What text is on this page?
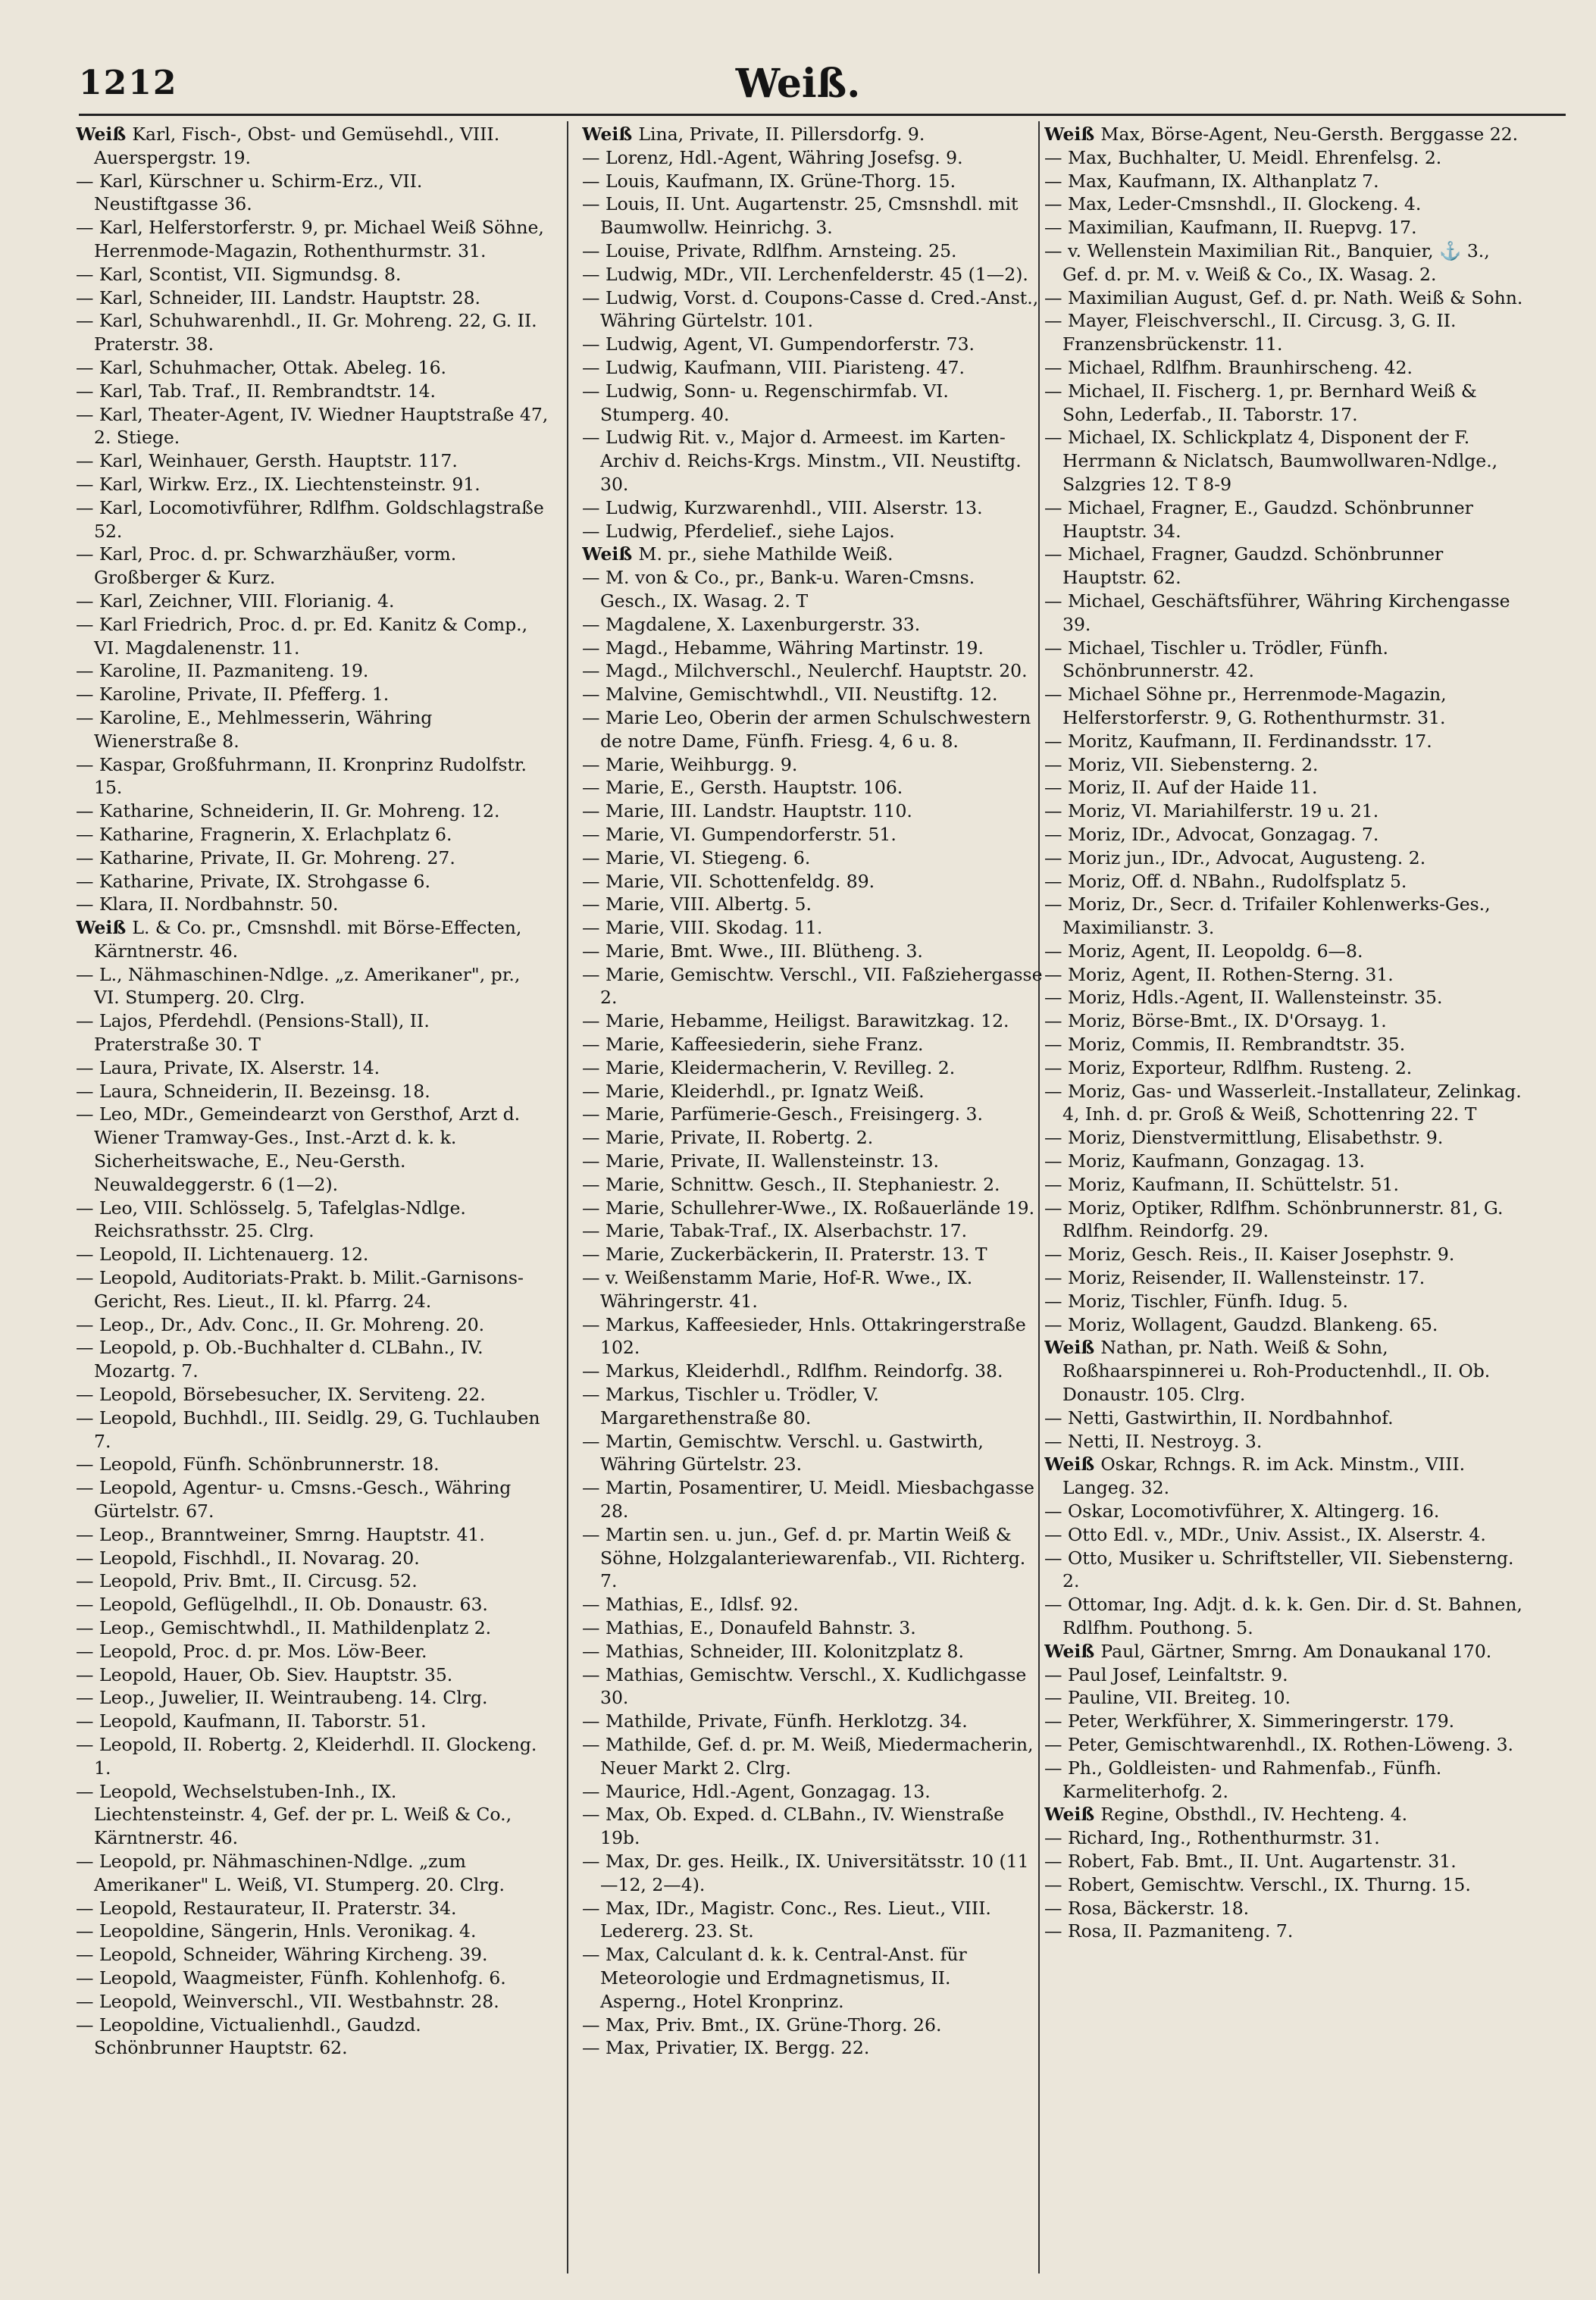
1212	Weiß.
Weiß Karl, Fisch-, Obst- und Gemüsehdl., VIII. Auerspergstr. 19.
— Karl, Kürschner u. Schirm-Erz., VII. Neustiftgasse 36.
— Karl, Helferstorferstr. 9, pr. Michael Weiß Söhne, Herrenmode-Magazin, Rothenthurmstr. 31.
— Karl, Scontist, VII. Sigmundsg. 8.
— Karl, Schneider, III. Landstr. Hauptstr. 28.
— Karl, Schuhwarenhdl., II. Gr. Mohreng. 22, G. II. Praterstr. 38.
— Karl, Schuhmacher, Ottak. Abeleg. 16.
— Karl, Tab. Traf., II. Rembrandtstr. 14.
— Karl, Theater-Agent, IV. Wiedner Hauptstraße 47, 2. Stiege.
— Karl, Weinhauer, Gersth. Hauptstr. 117.
— Karl, Wirkw. Erz., IX. Liechtensteinstr. 91.
— Karl, Locomotivführer, Rdlfhm. Goldschlagstraße 52.
— Karl, Proc. d. pr. Schwarzhäußer, vorm. Großberger & Kurz.
— Karl, Zeichner, VIII. Florianig. 4.
— Karl Friedrich, Proc. d. pr. Ed. Kanitz & Comp., VI. Magdalenenstr. 11.
— Karoline, II. Pazmaniteng. 19.
— Karoline, Private, II. Pfefferg. 1.
— Karoline, E., Mehlmesserin, Währing Wienerstraße 8.
— Kaspar, Großfuhrmann, II. Kronprinz Rudolfstr. 15.
— Katharine, Schneiderin, II. Gr. Mohreng. 12.
— Katharine, Fragnerin, X. Erlachplatz 6.
— Katharine, Private, II. Gr. Mohreng. 27.
— Katharine, Private, IX. Strohgasse 6.
— Klara, II. Nordbahnstr. 50.
Weiß L. & Co. pr., Cmsnshdl. mit Börse-Effecten, Kärntnerstr. 46.
— L., Nähmaschinen-Ndlge. „z. Amerikaner", pr., VI. Stumperg. 20. Clrg.
— Lajos, Pferdehdl. (Pensions-Stall), II. Praterstraße 30. T
— Laura, Private, IX. Alserstr. 14.
— Laura, Schneiderin, II. Bezeinsg. 18.
— Leo, MDr., Gemeindearzt von Gersthof, Arzt d. Wiener Tramway-Ges., Inst.-Arzt d. k. k. Sicherheitswache, E., Neu-Gersth. Neuwaldeggerstr. 6 (1—2).
— Leo, VIII. Schlösselg. 5, Tafelglas-Ndlge. Reichsrathsstr. 25. Clrg.
— Leopold, II. Lichtenauerg. 12.
— Leopold, Auditoriats-Prakt. b. Milit.-Garnisons-Gericht, Res. Lieut., II. kl. Pfarrg. 24.
— Leop., Dr., Adv. Conc., II. Gr. Mohreng. 20.
— Leopold, p. Ob.-Buchhalter d. CLBahn., IV. Mozartg. 7.
— Leopold, Börsebesucher, IX. Serviteng. 22.
— Leopold, Buchhdl., III. Seidlg. 29, G. Tuchlauben 7.
— Leopold, Fünfh. Schönbrunnerstr. 18.
— Leopold, Agentur- u. Cmsns.-Gesch., Währing Gürtelstr. 67.
— Leop., Branntweiner, Smrng. Hauptstr. 41.
— Leopold, Fischhdl., II. Novarag. 20.
— Leopold, Priv. Bmt., II. Circusg. 52.
— Leopold, Geflügelhdl., II. Ob. Donaustr. 63.
— Leop., Gemischtwhdl., II. Mathildenplatz 2.
— Leopold, Proc. d. pr. Mos. Löw-Beer.
— Leopold, Hauer, Ob. Siev. Hauptstr. 35.
— Leop., Juwelier, II. Weintraubeng. 14. Clrg.
— Leopold, Kaufmann, II. Taborstr. 51.
— Leopold, II. Robertg. 2, Kleiderhdl. II. Glockeng. 1.
— Leopold, Wechselstuben-Inh., IX. Liechtensteinstr. 4, Gef. der pr. L. Weiß & Co., Kärntnerstr. 46.
— Leopold, pr. Nähmaschinen-Ndlge. „zum Amerikaner" L. Weiß, VI. Stumperg. 20. Clrg.
— Leopold, Restaurateur, II. Praterstr. 34.
— Leopoldine, Sängerin, Hnls. Veronikag. 4.
— Leopold, Schneider, Währing Kircheng. 39.
— Leopold, Waagmeister, Fünfh. Kohlenhofg. 6.
— Leopold, Weinverschl., VII. Westbahnstr. 28.
— Leopoldine, Victualienhdl., Gaudzd. Schönbrunner Hauptstr. 62.
Weiß Lina, Private, II. Pillersdorfg. 9.
— Lorenz, Hdl.-Agent, Währing Josefsg. 9.
— Louis, Kaufmann, IX. Grüne-Thorg. 15.
— Louis, II. Unt. Augartenstr. 25, Cmsnshdl. mit Baumwollw. Heinrichg. 3.
— Louise, Private, Rdlfhm. Arnsteing. 25.
— Ludwig, MDr., VII. Lerchenfelderstr. 45 (1—2).
— Ludwig, Vorst. d. Coupons-Casse d. Cred.-Anst., Währing Gürtelstr. 101.
— Ludwig, Agent, VI. Gumpendorferstr. 73.
— Ludwig, Kaufmann, VIII. Piaristeng. 47.
— Ludwig, Sonn- u. Regenschirmfab. VI. Stumperg. 40.
— Ludwig Rit. v., Major d. Armeest. im Karten-Archiv d. Reichs-Krgs. Minstm., VII. Neustiftg. 30.
— Ludwig, Kurzwarenhdl., VIII. Alserstr. 13.
— Ludwig, Pferdelief., siehe Lajos.
Weiß M. pr., siehe Mathilde Weiß.
— M. von & Co., pr., Bank-u. Waren-Cmsns. Gesch., IX. Wasag. 2. T
— Magdalene, X. Laxenburgerstr. 33.
— Magd., Hebamme, Währing Martinstr. 19.
— Magd., Milchverschl., Neulerchf. Hauptstr. 20.
— Malvine, Gemischtwhdl., VII. Neustiftg. 12.
— Marie Leo, Oberin der armen Schulschwestern de notre Dame, Fünfh. Friesg. 4, 6 u. 8.
— Marie, Weihburgg. 9.
— Marie, E., Gersth. Hauptstr. 106.
— Marie, III. Landstr. Hauptstr. 110.
— Marie, VI. Gumpendorferstr. 51.
— Marie, VI. Stiegeng. 6.
— Marie, VII. Schottenfeldg. 89.
— Marie, VIII. Albertg. 5.
— Marie, VIII. Skodag. 11.
— Marie, Bmt. Wwe., III. Blütheng. 3.
— Marie, Gemischtw. Verschl., VII. Faßziehergasse 2.
— Marie, Hebamme, Heiligst. Barawitzkag. 12.
— Marie, Kaffeesiederin, siehe Franz.
— Marie, Kleidermacherin, V. Revilleg. 2.
— Marie, Kleiderhdl., pr. Ignatz Weiß.
— Marie, Parfümerie-Gesch., Freisingerg. 3.
— Marie, Private, II. Robertg. 2.
— Marie, Private, II. Wallensteinstr. 13.
— Marie, Schnittw. Gesch., II. Stephaniestr. 2.
— Marie, Schullehrer-Wwe., IX. Roßauerlände 19.
— Marie, Tabak-Traf., IX. Alserbachstr. 17.
— Marie, Zuckerbäckerin, II. Praterstr. 13. T
— v. Weißenstamm Marie, Hof-R. Wwe., IX. Währingerstr. 41.
— Markus, Kaffeesieder, Hnls. Ottakringerstraße 102.
— Markus, Kleiderhdl., Rdlfhm. Reindorfg. 38.
— Markus, Tischler u. Trödler, V. Margarethenstraße 80.
— Martin, Gemischtw. Verschl. u. Gastwirth, Währing Gürtelstr. 23.
— Martin, Posamentirer, U. Meidl. Miesbachgasse 28.
— Martin sen. u. jun., Gef. d. pr. Martin Weiß & Söhne, Holzgalanteriewarenfab., VII. Richterg. 7.
— Mathias, E., Idlsf. 92.
— Mathias, E., Donaufeld Bahnstr. 3.
— Mathias, Schneider, III. Kolonitzplatz 8.
— Mathias, Gemischtw. Verschl., X. Kudlichgasse 30.
— Mathilde, Private, Fünfh. Herklotzg. 34.
— Mathilde, Gef. d. pr. M. Weiß, Miedermacherin, Neuer Markt 2. Clrg.
— Maurice, Hdl.-Agent, Gonzagag. 13.
— Max, Ob. Exped. d. CLBahn., IV. Wienstraße 19b.
— Max, Dr. ges. Heilk., IX. Universitätsstr. 10 (11—12, 2—4).
— Max, IDr., Magistr. Conc., Res. Lieut., VIII. Ledererg. 23. St.
— Max, Calculant d. k. k. Central-Anst. für Meteorologie und Erdmagnetismus, II. Asperng., Hotel Kronprinz.
— Max, Priv. Bmt., IX. Grüne-Thorg. 26.
— Max, Privatier, IX. Bergg. 22.
Weiß Max, Börse-Agent, Neu-Gersth. Berggasse 22.
— Max, Buchhalter, U. Meidl. Ehrenfelsg. 2.
— Max, Kaufmann, IX. Althanplatz 7.
— Max, Leder-Cmsnshdl., II. Glockeng. 4.
— Maximilian, Kaufmann, II. Ruepvg. 17.
— v. Wellenstein Maximilian Rit., Banquier, ⚓ 3., Gef. d. pr. M. v. Weiß & Co., IX. Wasag. 2.
— Maximilian August, Gef. d. pr. Nath. Weiß & Sohn.
— Mayer, Fleischverschl., II. Circusg. 3, G. II. Franzensbrückenstr. 11.
— Michael, Rdlfhm. Braunhirscheng. 42.
— Michael, II. Fischerg. 1, pr. Bernhard Weiß & Sohn, Lederfab., II. Taborstr. 17.
— Michael, IX. Schlickplatz 4, Disponent der F. Herrmann & Niclatsch, Baumwollwaren-Ndlge., Salzgries 12. T 8-9
— Michael, Fragner, E., Gaudzd. Schönbrunner Hauptstr. 34.
— Michael, Fragner, Gaudzd. Schönbrunner Hauptstr. 62.
— Michael, Geschäftsführer, Währing Kirchengasse 39.
— Michael, Tischler u. Trödler, Fünfh. Schönbrunnerstr. 42.
— Michael Söhne pr., Herrenmode-Magazin, Helferstorferstr. 9, G. Rothenthurmstr. 31.
— Moritz, Kaufmann, II. Ferdinandsstr. 17.
— Moriz, VII. Siebensterng. 2.
— Moriz, II. Auf der Haide 11.
— Moriz, VI. Mariahilferstr. 19 u. 21.
— Moriz, IDr., Advocat, Gonzagag. 7.
— Moriz jun., IDr., Advocat, Augusteng. 2.
— Moriz, Off. d. NBahn., Rudolfsplatz 5.
— Moriz, Dr., Secr. d. Trifailer Kohlenwerks-Ges., Maximilianstr. 3.
— Moriz, Agent, II. Leopoldg. 6—8.
— Moriz, Agent, II. Rothen-Sterng. 31.
— Moriz, Hdls.-Agent, II. Wallensteinstr. 35.
— Moriz, Börse-Bmt., IX. D'Orsayg. 1.
— Moriz, Commis, II. Rembrandtstr. 35.
— Moriz, Exporteur, Rdlfhm. Rusteng. 2.
— Moriz, Gas- und Wasserleit.-Installateur, Zelinkag. 4, Inh. d. pr. Groß & Weiß, Schottenring 22. T
— Moriz, Dienstvermittlung, Elisabethstr. 9.
— Moriz, Kaufmann, Gonzagag. 13.
— Moriz, Kaufmann, II. Schüttelstr. 51.
— Moriz, Optiker, Rdlfhm. Schönbrunnerstr. 81, G. Rdlfhm. Reindorfg. 29.
— Moriz, Gesch. Reis., II. Kaiser Josephstr. 9.
— Moriz, Reisender, II. Wallensteinstr. 17.
— Moriz, Tischler, Fünfh. Idug. 5.
— Moriz, Wollagent, Gaudzd. Blankeng. 65.
Weiß Nathan, pr. Nath. Weiß & Sohn, Roßhaarspinnerei u. Roh-Productenhdl., II. Ob. Donaustr. 105. Clrg.
— Netti, Gastwirthin, II. Nordbahnhof.
— Netti, II. Nestroyg. 3.
Weiß Oskar, Rchngs. R. im Ack. Minstm., VIII. Langeg. 32.
— Oskar, Locomotivführer, X. Altingerg. 16.
— Otto Edl. v., MDr., Univ. Assist., IX. Alserstr. 4.
— Otto, Musiker u. Schriftsteller, VII. Siebensterng. 2.
— Ottomar, Ing. Adjt. d. k. k. Gen. Dir. d. St. Bahnen, Rdlfhm. Pouthong. 5.
Weiß Paul, Gärtner, Smrng. Am Donaukanal 170.
— Paul Josef, Leinfaltstr. 9.
— Pauline, VII. Breiteg. 10.
— Peter, Werkführer, X. Simmeringerstr. 179.
— Peter, Gemischtwarenhdl., IX. Rothen-Löweng. 3.
— Ph., Goldleisten- und Rahmenfab., Fünfh. Karmeliterhofg. 2.
Weiß Regine, Obsthdl., IV. Hechteng. 4.
— Richard, Ing., Rothenthurmstr. 31.
— Robert, Fab. Bmt., II. Unt. Augartenstr. 31.
— Robert, Gemischtw. Verschl., IX. Thurng. 15.
— Rosa, Bäckerstr. 18.
— Rosa, II. Pazmaniteng. 7.
